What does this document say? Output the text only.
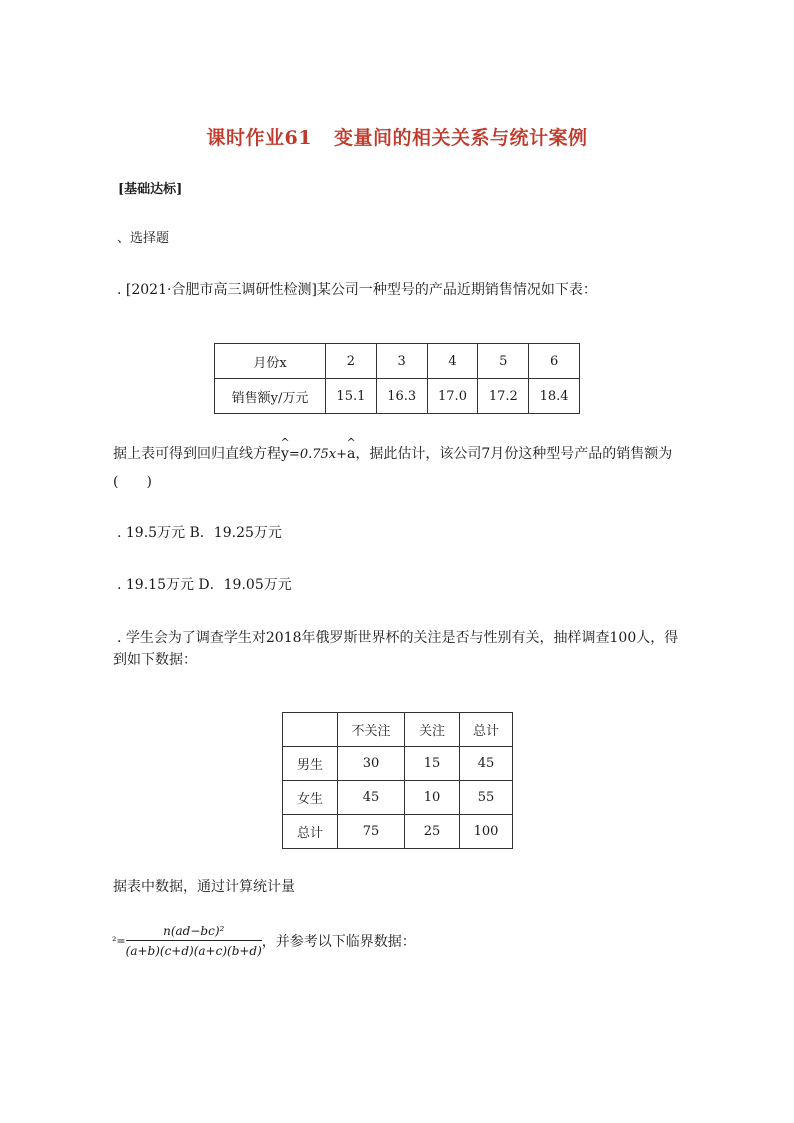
课时作业61 变量间的相关关系与统计案例
[基础达标]
、选择题
. [2021·合肥市高三调研性检测]某公司一种型号的产品近期销售情况如下表：
月份x	2	3	4	5	6
销售额y/万元	15.1	16.3	17.0	17.2	18.4
据上表可得到回归直线方程^ y=0.75x+^ a，据此估计，该公司7月份这种型号产品的销售额为
(　　)
. 19.5万元 B．19.25万元
. 19.15万元 D．19.05万元
. 学生会为了调查学生对2018年俄罗斯世界杯的关注是否与性别有关，抽样调查100人，得
到如下数据：
	不关注	关注	总计
男生	30	15	45
女生	45	10	55
总计	75	25	100
据表中数据，通过计算统计量
$^2= \frac{\text{n(ad−bc)²}}{(a+b)(c+d)(a+c)(b+d)}$ ，并参考以下临界数据：
